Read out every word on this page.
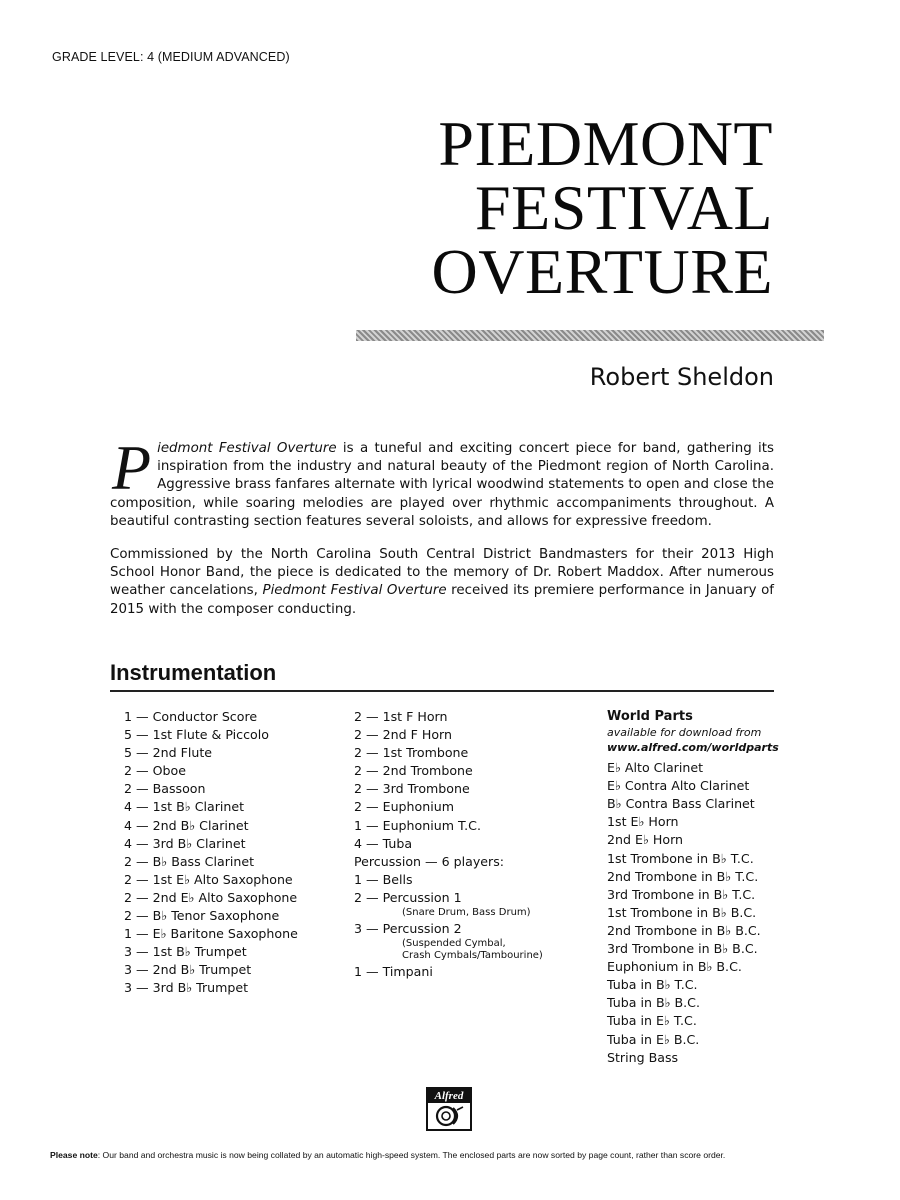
GRADE LEVEL: 4 (MEDIUM ADVANCED)
PIEDMONT
FESTIVAL
OVERTURE
Robert Sheldon

Piedmont Festival Overture is a tuneful and exciting concert piece for band, gathering its inspiration from the industry and natural beauty of the Piedmont region of North Carolina. Aggressive brass fanfares alternate with lyrical woodwind statements to open and close the composition, while soaring melodies are played over rhythmic accompaniments throughout. A beautiful contrasting section features several soloists, and allows for expressive freedom.

Commissioned by the North Carolina South Central District Bandmasters for their 2013 High School Honor Band, the piece is dedicated to the memory of Dr. Robert Maddox. After numerous weather cancelations, Piedmont Festival Overture received its premiere performance in January of 2015 with the composer conducting.

Instrumentation
1 — Conductor Score
5 — 1st Flute & Piccolo
5 — 2nd Flute
2 — Oboe
2 — Bassoon
4 — 1st B♭ Clarinet
4 — 2nd B♭ Clarinet
4 — 3rd B♭ Clarinet
2 — B♭ Bass Clarinet
2 — 1st E♭ Alto Saxophone
2 — 2nd E♭ Alto Saxophone
2 — B♭ Tenor Saxophone
1 — E♭ Baritone Saxophone
3 — 1st B♭ Trumpet
3 — 2nd B♭ Trumpet
3 — 3rd B♭ Trumpet
2 — 1st F Horn
2 — 2nd F Horn
2 — 1st Trombone
2 — 2nd Trombone
2 — 3rd Trombone
2 — Euphonium
1 — Euphonium T.C.
4 — Tuba
Percussion — 6 players:
1 — Bells
2 — Percussion 1
(Snare Drum, Bass Drum)
3 — Percussion 2
(Suspended Cymbal,
Crash Cymbals/Tambourine)
1 — Timpani
World Parts
available for download from
www.alfred.com/worldparts
E♭ Alto Clarinet
E♭ Contra Alto Clarinet
B♭ Contra Bass Clarinet
1st E♭ Horn
2nd E♭ Horn
1st Trombone in B♭ T.C.
2nd Trombone in B♭ T.C.
3rd Trombone in B♭ T.C.
1st Trombone in B♭ B.C.
2nd Trombone in B♭ B.C.
3rd Trombone in B♭ B.C.
Euphonium in B♭ B.C.
Tuba in B♭ T.C.
Tuba in B♭ B.C.
Tuba in E♭ T.C.
Tuba in E♭ B.C.
String Bass
Alfred
Please note: Our band and orchestra music is now being collated by an automatic high-speed system. The enclosed parts are now sorted by page count, rather than score order.
